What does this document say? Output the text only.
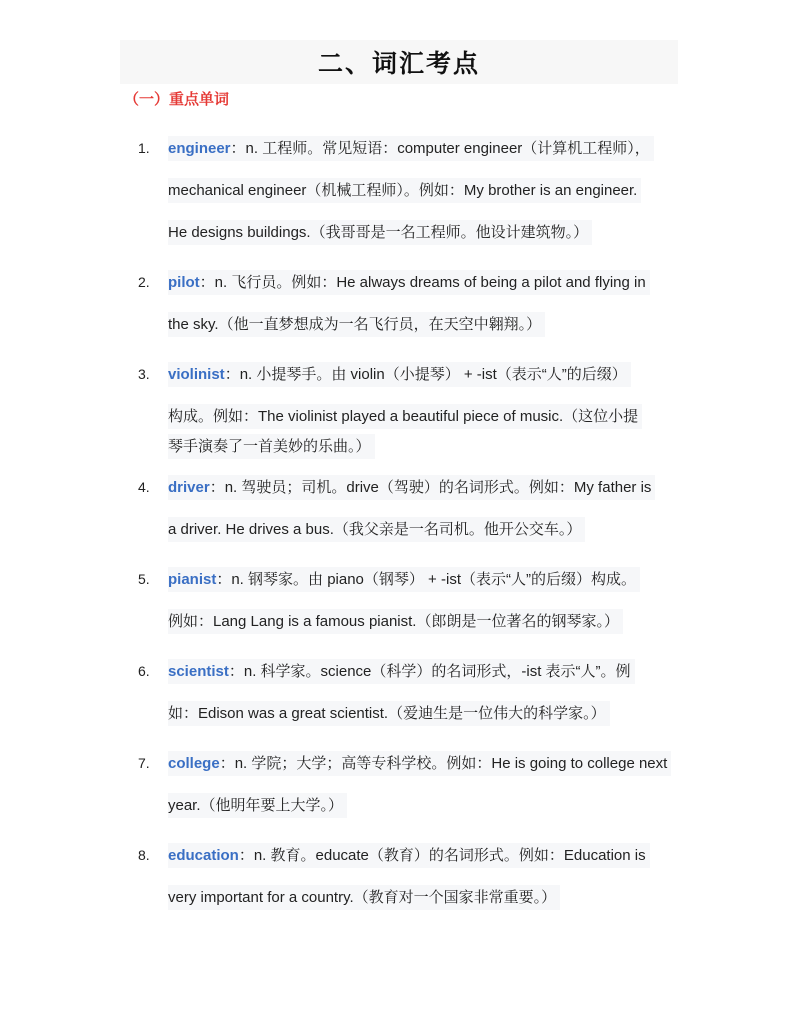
二、词汇考点
（一）重点单词
1.	engineer：n. 工程师。常见短语：computer engineer（计算机工程师），
mechanical engineer（机械工程师）。例如：My brother is an engineer.
He designs buildings.（我哥哥是一名工程师。他设计建筑物。）
2.	pilot：n. 飞行员。例如：He always dreams of being a pilot and flying in
the sky.（他一直梦想成为一名飞行员，在天空中翱翔。）
3.	violinist：n. 小提琴手。由 violin（小提琴） + -ist（表示“人”的后缀）
构成。例如：The violinist played a beautiful piece of music.（这位小提
琴手演奏了一首美妙的乐曲。）
4.	driver：n. 驾驶员；司机。drive（驾驶）的名词形式。例如：My father is
a driver. He drives a bus.（我父亲是一名司机。他开公交车。）
5.	pianist：n. 钢琴家。由 piano（钢琴） + -ist（表示“人”的后缀）构成。
例如：Lang Lang is a famous pianist.（郎朗是一位著名的钢琴家。）
6.	scientist：n. 科学家。science（科学）的名词形式，-ist 表示“人”。例
如：Edison was a great scientist.（爱迪生是一位伟大的科学家。）
7.	college：n. 学院；大学；高等专科学校。例如：He is going to college next
year.（他明年要上大学。）
8.	education：n. 教育。educate（教育）的名词形式。例如：Education is
very important for a country.（教育对一个国家非常重要。）
